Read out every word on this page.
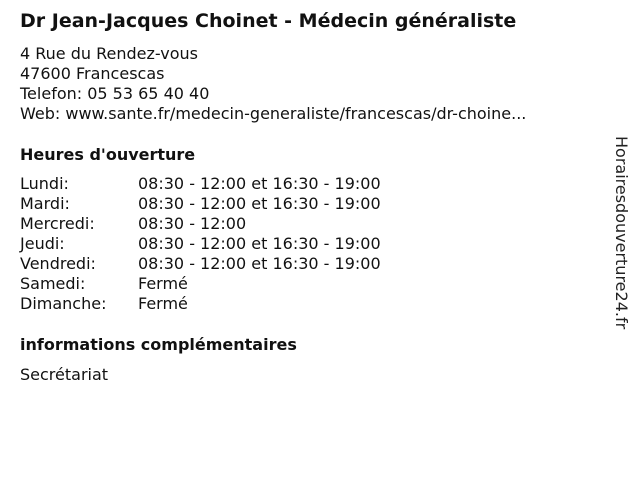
Dr Jean-Jacques Choinet - Médecin généraliste
4 Rue du Rendez-vous
47600 Francescas
Telefon: 05 53 65 40 40
Web: www.sante.fr/medecin-generaliste/francescas/dr-choine...
Heures d'ouverture
Lundi:	08:30 - 12:00 et 16:30 - 19:00
Mardi:	08:30 - 12:00 et 16:30 - 19:00
Mercredi:	08:30 - 12:00
Jeudi:	08:30 - 12:00 et 16:30 - 19:00
Vendredi:	08:30 - 12:00 et 16:30 - 19:00
Samedi:	Fermé
Dimanche:	Fermé
informations complémentaires
Secrétariat
Horairesdouverture24.fr
